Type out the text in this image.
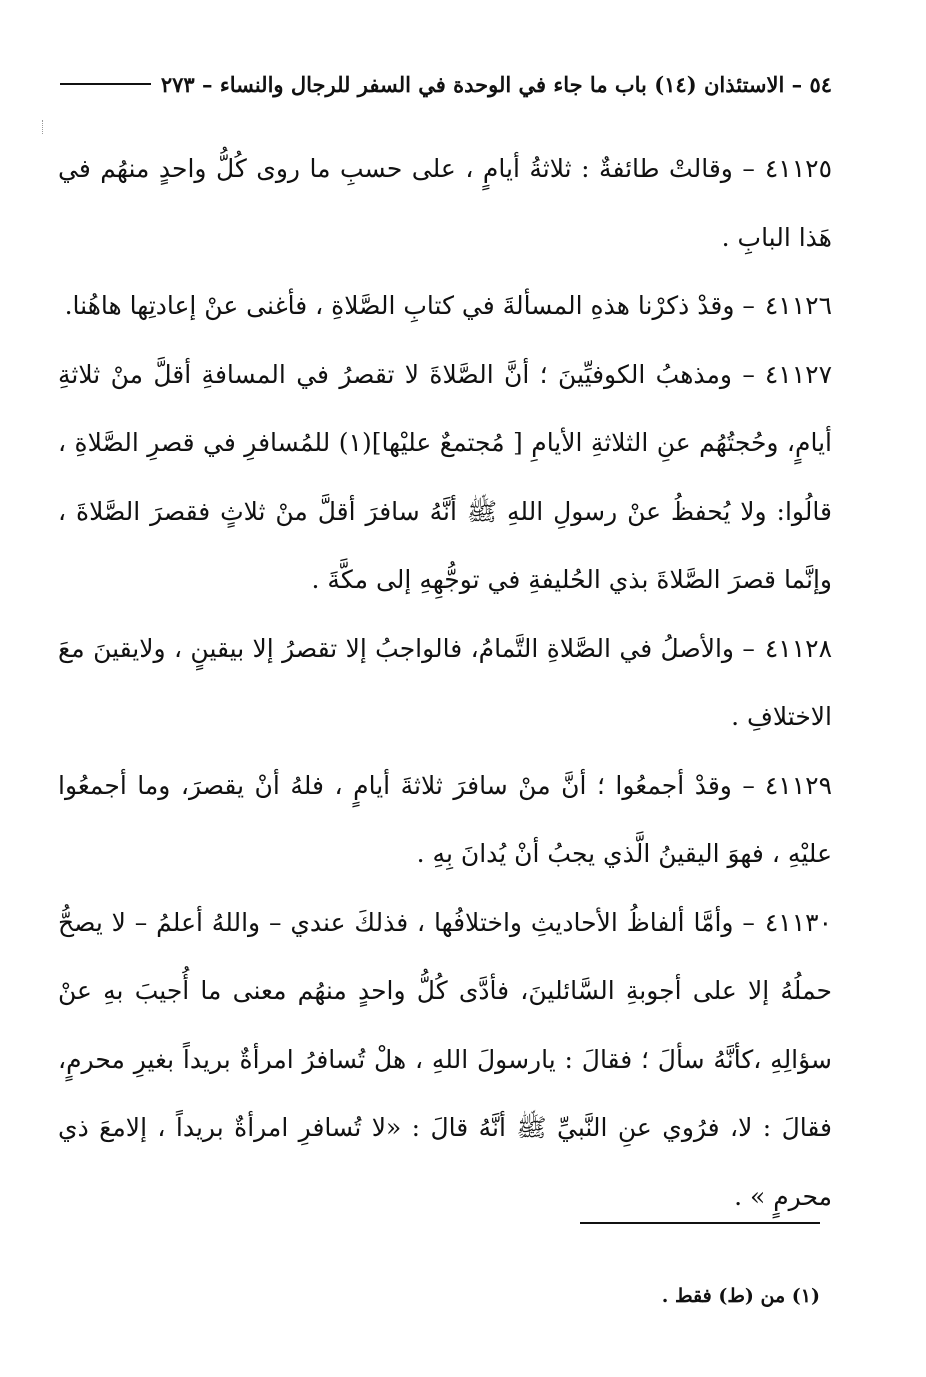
٥٤ – الاستئذان (١٤) باب ما جاء في الوحدة في السفر للرجال والنساء – ٢٧٣

٤١١٢٥– وقالتْ طائفةٌ : ثلاثةُ أيامٍ ، على حسبِ ما روى كُلُّ واحدٍ منهُم في هَذا البابِ .

٤١١٢٦– وقدْ ذكرْنا هذهِ المسألةَ في كتابِ الصَّلاةِ ، فأغنى عنْ إعادتِها هاهُنا.

٤١١٢٧– ومذهبُ الكوفيِّينَ ؛ أنَّ الصَّلاةَ لا تقصرُ في المسافةِ أقلَّ منْ ثلاثةِ أيامٍ، وحُجتُهُم عنِ الثلاثةِ الأيامِ [ مُجتمعٌ عليْها](١) للمُسافرِ في قصرِ الصَّلاةِ ، قالُوا: ولا يُحفظُ عنْ رسولِ اللهِ ﷺ أنَّهُ سافرَ أقلَّ منْ ثلاثٍ فقصرَ الصَّلاةَ ، وإنَّما قصرَ الصَّلاةَ بذي الحُليفةِ في توجُّهِهِ إلى مكَّةَ .

٤١١٢٨– والأصلُ في الصَّلاةِ التَّمامُ، فالواجبُ إلا تقصرُ إلا بيقينٍ ، ولايقينَ معَ الاختلافِ .

٤١١٢٩– وقدْ أجمعُوا ؛ أنَّ منْ سافرَ ثلاثةَ أيامٍ ، فلهُ أنْ يقصرَ، وما أجمعُوا عليْهِ ، فهوَ اليقينُ الَّذي يجبُ أنْ يُدانَ بِهِ .

٤١١٣٠– وأمَّا ألفاظُ الأحاديثِ واختلافُها ، فذلكَ عندي – واللهُ أعلمُ – لا يصحُّ حملُهُ إلا على أجوبةِ السَّائلينَ، فأدَّى كُلُّ واحدٍ منهُم معنى ما أُجيبَ بهِ عنْ سؤالِهِ ،كأنَّهُ سألَ ؛ فقالَ : يارسولَ اللهِ ، هلْ تُسافرُ امرأةٌ بريداً بغيرِ محرمٍ، فقالَ : لا، فرُوي عنِ النَّبيِّ ﷺ أنَّهُ قالَ : «لا تُسافرِ امرأةٌ بريداً ، إلامعَ ذي محرمٍ » .

(١) من (ط) فقط .
